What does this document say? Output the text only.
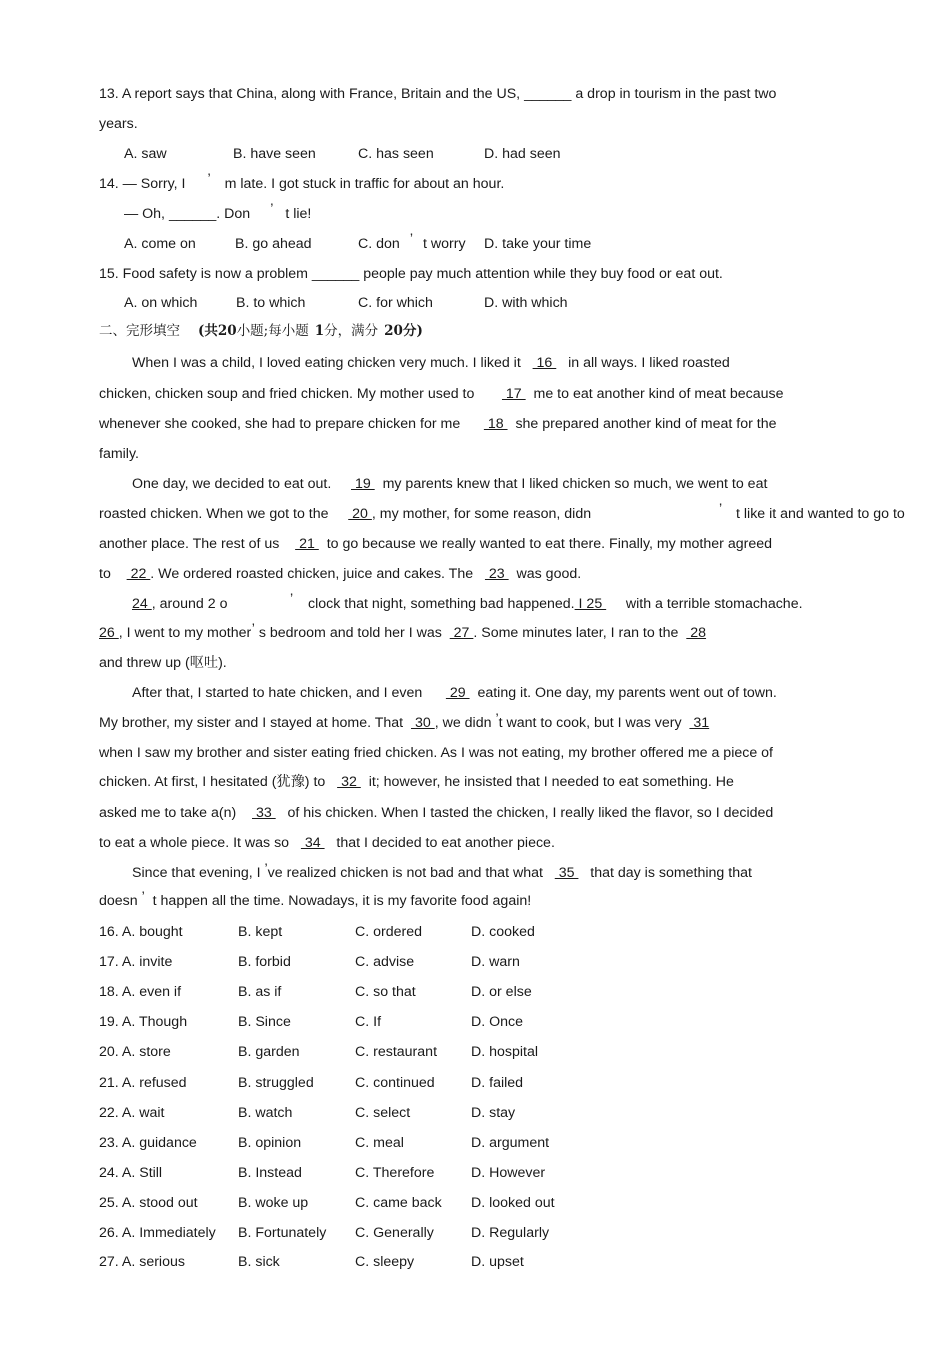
13. A report says that China, along with France, Britain and the US, ______ a drop in tourism in the past two
years.
A. saw	B. have seen	C. has seen	D. had seen
14. — Sorry, I ’ m late. I got stuck in traffic for about an hour.
— Oh, ______. Don ’ t lie!
A. come on	B. go ahead	C. don ’ t worry D. take your time
15. Food safety is now a problem ______ people pay much attention while they buy food or eat out.
A. on which	B. to which	C. for which	D. with which
二、完形填空 (共20小题;每小题 1分，满分 20分)
When I was a child, I loved eating chicken very much. I liked it    16    in all ways. I liked roasted
chicken, chicken soup and fried chicken. My mother used to        17   me to eat another kind of meat because
whenever she cooked, she had to prepare chicken for me       18   she prepared another kind of meat for the
family.
One day, we decided to eat out.      19   my parents knew that I liked chicken so much, we went to eat
roasted chicken. When we got to the      20 , my mother, for some reason, didn	’ t like it and wanted to go to
another place. The rest of us     21   to go because we really wanted to eat there. Finally, my mother agreed
to     22 . We ordered roasted chicken, juice and cakes. The    23   was good.
24 , around 2 o	’ clock that night, something bad happened. I 25      with a terrible stomachache.
26 , I went to my mother’ s bedroom and told her I was   27 . Some minutes later, I ran to the   28
and threw up (呕吐).
After that, I started to hate chicken, and I even       29   eating it. One day, my parents went out of town.
My brother, my sister and I stayed at home. That   30 , we didn ’t want to cook, but I was very   31
when I saw my brother and sister eating fried chicken. As I was not eating, my brother offered me a piece of
chicken. At first, I hesitated (犹豫) to    32   it; however, he insisted that I needed to eat something. He
asked me to take a(n)     33    of his chicken. When I tasted the chicken, I really liked the flavor, so I decided
to eat a whole piece. It was so    34    that I decided to eat another piece.
Since that evening, I ’ve realized chicken is not bad and that what    35    that day is something that
doesn ’ t happen all the time. Nowadays, it is my favorite food again!
16. A. bought	B. kept	C. ordered	D. cooked
17. A. invite	B. forbid	C. advise	D. warn
18. A. even if	B. as if	C. so that	D. or else
19. A. Though	B. Since	C. If	D. Once
20. A. store	B. garden	C. restaurant D. hospital
21. A. refused	B. struggled	C. continued	D. failed
22. A. wait	B. watch	C. select	D. stay
23. A. guidance	B. opinion	C. meal	D. argument
24. A. Still	B. Instead	C. Therefore	D. However
25. A. stood out	B. woke up	C. came back D. looked out
26. A. Immediately B. Fortunately C. Generally	D. Regularly
27. A. serious	B. sick	C. sleepy	D. upset
